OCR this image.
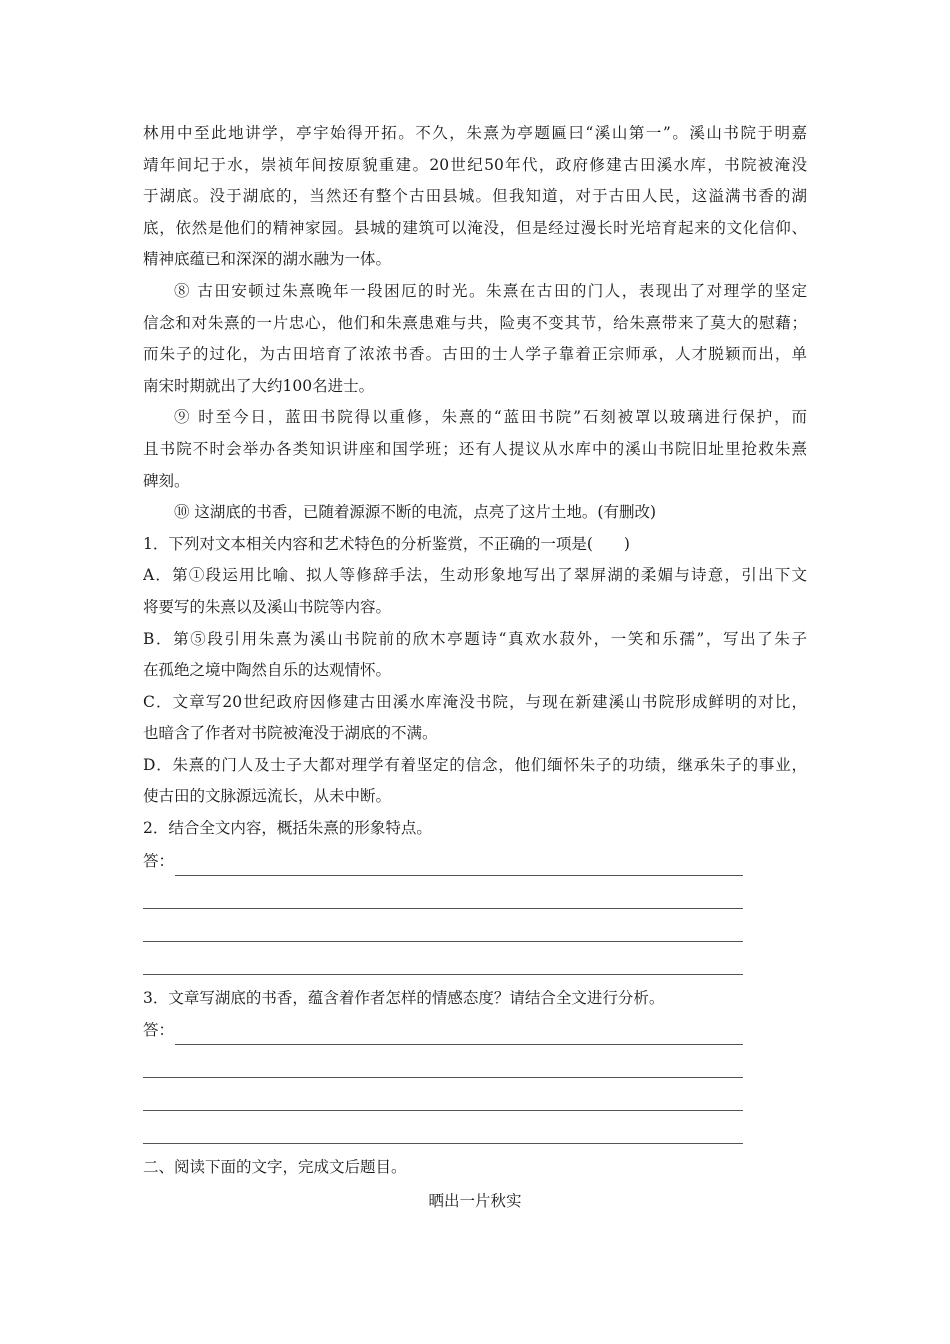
林用中至此地讲学，亭宇始得开拓。不久，朱熹为亭题匾曰“溪山第一”。溪山书院于明嘉
靖年间圮于水，崇祯年间按原貌重建。20世纪50年代，政府修建古田溪水库，书院被淹没
于湖底。没于湖底的，当然还有整个古田县城。但我知道，对于古田人民，这溢满书香的湖
底，依然是他们的精神家园。县城的建筑可以淹没，但是经过漫长时光培育起来的文化信仰、
精神底蕴已和深深的湖水融为一体。
⑧ 古田安顿过朱熹晚年一段困厄的时光。朱熹在古田的门人，表现出了对理学的坚定
信念和对朱熹的一片忠心，他们和朱熹患难与共，险夷不变其节，给朱熹带来了莫大的慰藉；
而朱子的过化，为古田培育了浓浓书香。古田的士人学子靠着正宗师承，人才脱颖而出，单
南宋时期就出了大约100名进士。
⑨ 时至今日，蓝田书院得以重修，朱熹的“蓝田书院”石刻被罩以玻璃进行保护，而
且书院不时会举办各类知识讲座和国学班；还有人提议从水库中的溪山书院旧址里抢救朱熹
碑刻。
⑩ 这湖底的书香，已随着源源不断的电流，点亮了这片土地。(有删改)
1．下列对文本相关内容和艺术特色的分析鉴赏，不正确的一项是(　　)
A．第①段运用比喻、拟人等修辞手法，生动形象地写出了翠屏湖的柔媚与诗意，引出下文
将要写的朱熹以及溪山书院等内容。
B．第⑤段引用朱熹为溪山书院前的欣木亭题诗“真欢水菽外，一笑和乐孺”，写出了朱子
在孤绝之境中陶然自乐的达观情怀。
C．文章写20世纪政府因修建古田溪水库淹没书院，与现在新建溪山书院形成鲜明的对比，
也暗含了作者对书院被淹没于湖底的不满。
D．朱熹的门人及士子大都对理学有着坚定的信念，他们缅怀朱子的功绩，继承朱子的事业，
使古田的文脉源远流长，从未中断。
2．结合全文内容，概括朱熹的形象特点。
答：
3．文章写湖底的书香，蕴含着作者怎样的情感态度？请结合全文进行分析。
答：
二、阅读下面的文字，完成文后题目。
晒出一片秋实
